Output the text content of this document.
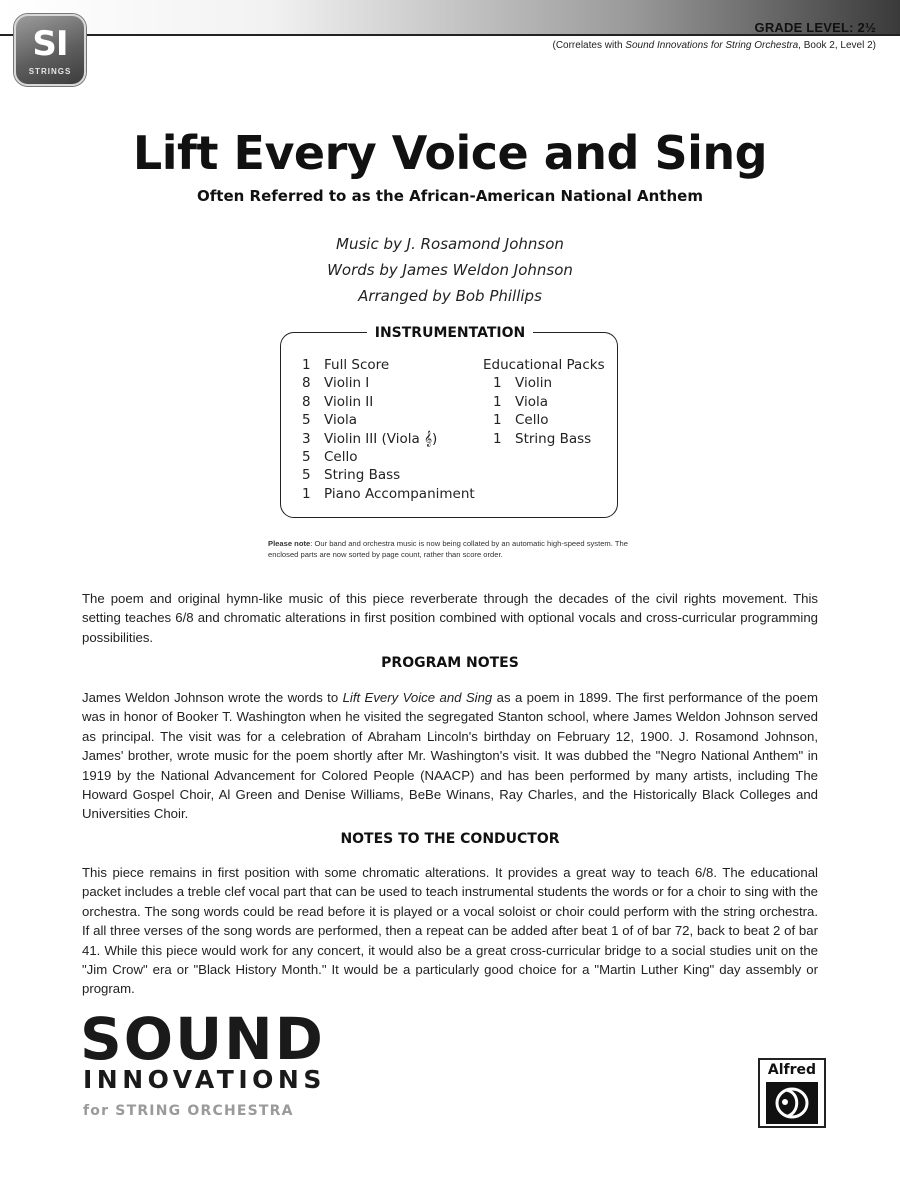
SI
STRINGS
GRADE LEVEL: 2½
(Correlates with Sound Innovations for String Orchestra, Book 2, Level 2)
Lift Every Voice and Sing
Often Referred to as the African-American National Anthem
Music by J. Rosamond Johnson
Words by James Weldon Johnson
Arranged by Bob Phillips
INSTRUMENTATION
1 Full Score
8 Violin I
8 Violin II
5 Viola
3 Violin III (Viola 𝄞)
5 Cello
5 String Bass
1 Piano Accompaniment
Educational Packs
1 Violin
1 Viola
1 Cello
1 String Bass
Please note: Our band and orchestra music is now being collated by an automatic high-speed system. The enclosed parts are now sorted by page count, rather than score order.

The poem and original hymn-like music of this piece reverberate through the decades of the civil rights movement. This setting teaches 6/8 and chromatic alterations in first position combined with optional vocals and cross-curricular programming possibilities.

PROGRAM NOTES

James Weldon Johnson wrote the words to Lift Every Voice and Sing as a poem in 1899. The first performance of the poem was in honor of Booker T. Washington when he visited the segregated Stanton school, where James Weldon Johnson served as principal. The visit was for a celebration of Abraham Lincoln's birthday on February 12, 1900. J. Rosamond Johnson, James' brother, wrote music for the poem shortly after Mr. Washington's visit. It was dubbed the "Negro National Anthem" in 1919 by the National Advancement for Colored People (NAACP) and has been performed by many artists, including The Howard Gospel Choir, Al Green and Denise Williams, BeBe Winans, Ray Charles, and the Historically Black Colleges and Universities Choir.

NOTES TO THE CONDUCTOR

This piece remains in first position with some chromatic alterations. It provides a great way to teach 6/8. The educational packet includes a treble clef vocal part that can be used to teach instrumental students the words or for a choir to sing with the orchestra. The song words could be read before it is played or a vocal soloist or choir could perform with the string orchestra. If all three verses of the song words are performed, then a repeat can be added after beat 1 of of bar 72, back to beat 2 of bar 41. While this piece would work for any concert, it would also be a great cross-curricular bridge to a social studies unit on the "Jim Crow" era or "Black History Month." It would be a particularly good choice for a "Martin Luther King" day assembly or program.

SOUND
INNOVATIONS
for STRING ORCHESTRA
Alfred
